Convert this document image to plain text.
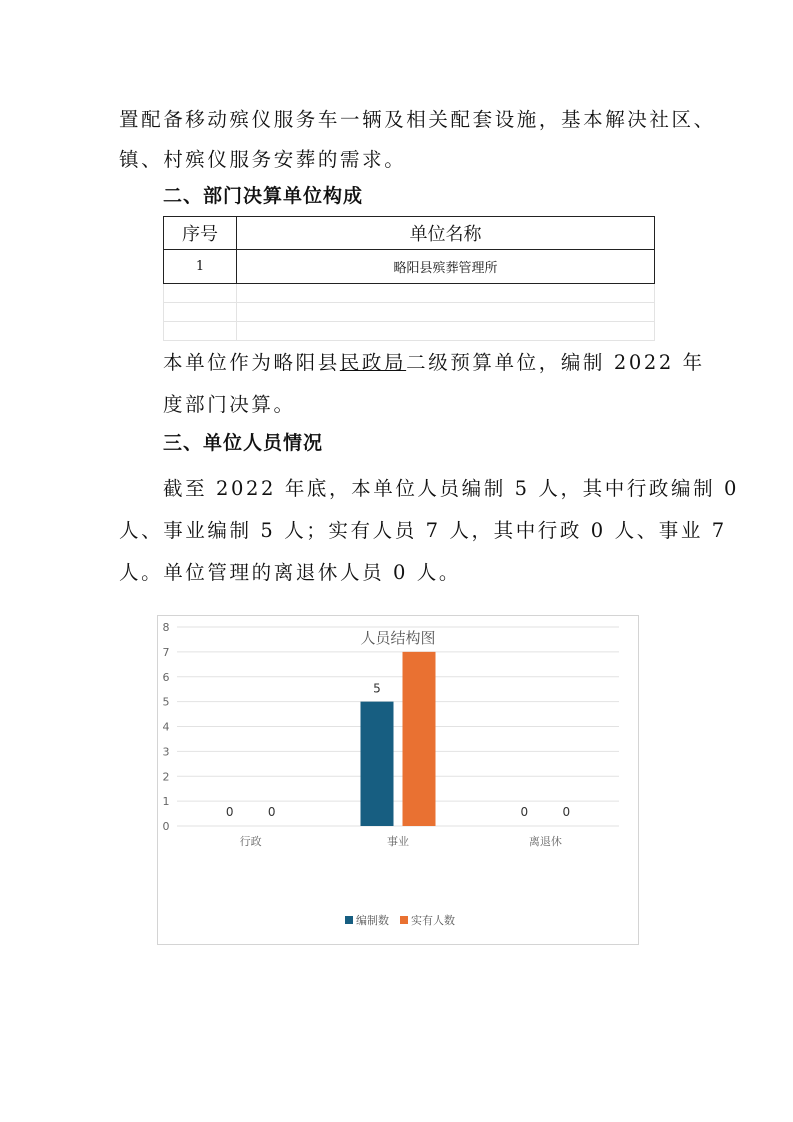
置配备移动殡仪服务车一辆及相关配套设施，基本解决社区、
镇、村殡仪服务安葬的需求。
二、部门决算单位构成
序号	单位名称
1	略阳县殡葬管理所

本单位作为略阳县民政局二级预算单位，编制 2022 年
度部门决算。
三、单位人员情况
截至 2022 年底，本单位人员编制 5 人，其中行政编制 0
人、事业编制 5 人；实有人员 7 人，其中行政 0 人、事业 7
人。单位管理的离退休人员 0 人。
0
1
2
3
4
5
6
7
8
人员结构图
行政
0	0
事业
5
离退休
0	0
编制数 实有人数
